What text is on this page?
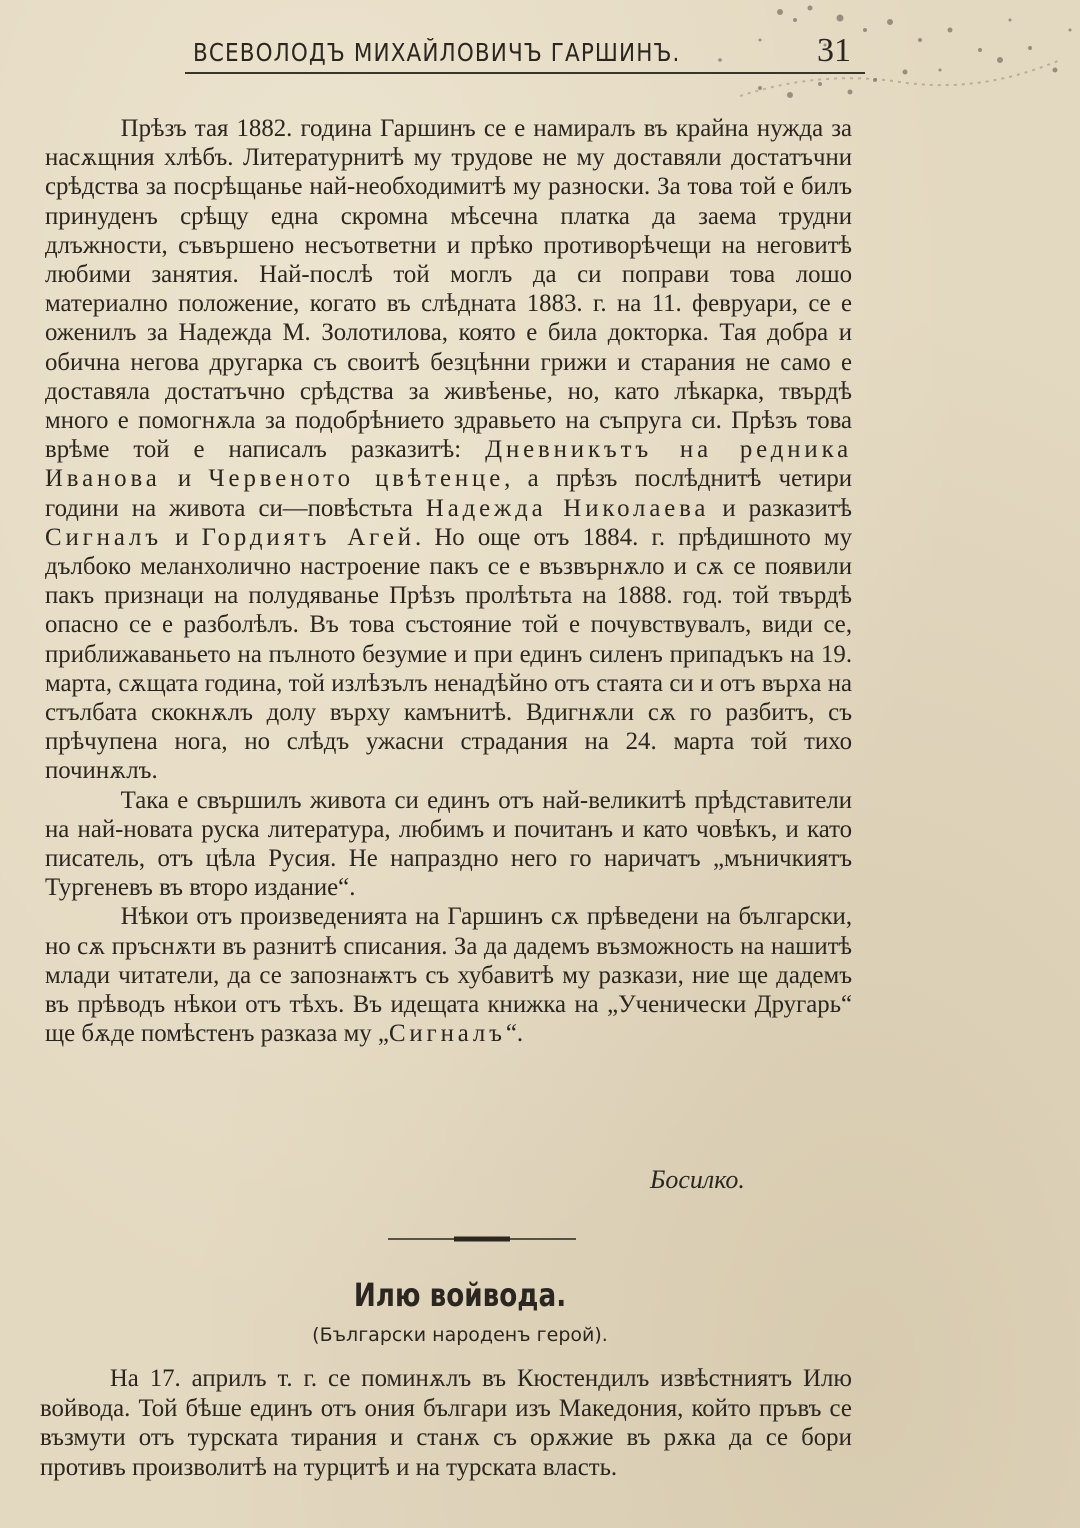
ВСЕВОЛОДЪ МИХАЙЛОВИЧЪ ГАРШИНЪ.	31

Прѣзъ тая 1882. година Гаршинъ се е намиралъ въ крайна нужда за насѫщния хлѣбъ. Литературнитѣ му трудове не му доставяли достатъчни срѣдства за посрѣщанье най-необходимитѣ му разноски. За това той е билъ принуденъ срѣщу една скромна мѣсечна платка да заема трудни длъжности, съвършено несъответни и прѣко противорѣчещи на неговитѣ любими занятия. Най-послѣ той моглъ да си поправи това лошо материално положение, когато въ слѣдната 1883. г. на 11. февруари, се е оженилъ за Надежда М. Золотилова, която е била докторка. Тая добра и обична негова другарка съ своитѣ безцѣнни грижи и старания не само е доставяла достатъчно срѣдства за живѣенье, но, като лѣкарка, твърдѣ много е помогнѫла за подобрѣнието здравьето на съпруга си. Прѣзъ това врѣме той е написалъ разказитѣ: Дневникътъ на редника Иванова и Червеното цвѣтенце, а прѣзъ послѣднитѣ четири години на живота си—повѣстьта Надежда Николаева и разказитѣ Сигналъ и Гордиятъ Агей. Но още отъ 1884. г. прѣдишното му дълбоко меланхолично настроение пакъ се е възвърнѫло и сѫ се появили пакъ признаци на полудяванье Прѣзъ пролѣтьта на 1888. год. той твърдѣ опасно се е разболѣлъ. Въ това състояние той е почувствувалъ, види се, приближаваньето на пълното безумие и при единъ силенъ припадъкъ на 19. марта, сѫщата година, той излѣзълъ ненадѣйно отъ стаята си и отъ върха на стълбата скокнѫлъ долу върху камънитѣ. Вдигнѫли сѫ го разбитъ, съ прѣчупена нога, но слѣдъ ужасни страдания на 24. марта той тихо починѫлъ.

Така е свършилъ живота си единъ отъ най-великитѣ прѣдставители на най-новата руска литература, любимъ и почитанъ и като човѣкъ, и като писатель, отъ цѣла Русия. Не напраздно него го наричатъ „мъничкиятъ Тургеневъ въ второ издание“.

Нѣкои отъ произведенията на Гаршинъ сѫ прѣведени на български, но сѫ пръснѫти въ разнитѣ списания. За да дадемъ възможность на нашитѣ млади читатели, да се запознаѭтъ съ хубавитѣ му разкази, ние ще дадемъ въ прѣводъ нѣкои отъ тѣхъ. Въ идещата книжка на „Ученически Другарь“ ще бѫде помѣстенъ разказа му „Сигналъ“.

Босилко.
Илю войвода.
(Български народенъ герой).

На 17. априлъ т. г. се поминѫлъ въ Кюстендилъ извѣстниятъ Илю войвода. Той бѣше единъ отъ ония българи изъ Македония, който пръвъ се възмути отъ турската тирания и станѫ съ орѫжие въ рѫка да се бори противъ произволитѣ на турцитѣ и на турската власть.
